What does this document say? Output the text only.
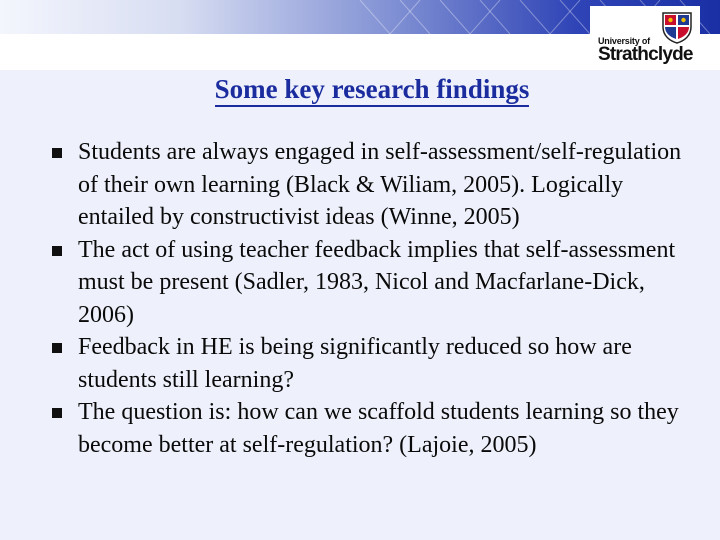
University of
Strathclyde
Some key research findings
Students are always engaged in self-assessment/self-regulation of their own learning (Black & Wiliam, 2005). Logically entailed by constructivist ideas (Winne, 2005)
The act of using teacher feedback implies that self-assessment must be present (Sadler, 1983, Nicol and Macfarlane-Dick, 2006)
Feedback in HE is being significantly reduced so how are students still learning?
The question is: how can we scaffold students learning so they become better at self-regulation? (Lajoie, 2005)
